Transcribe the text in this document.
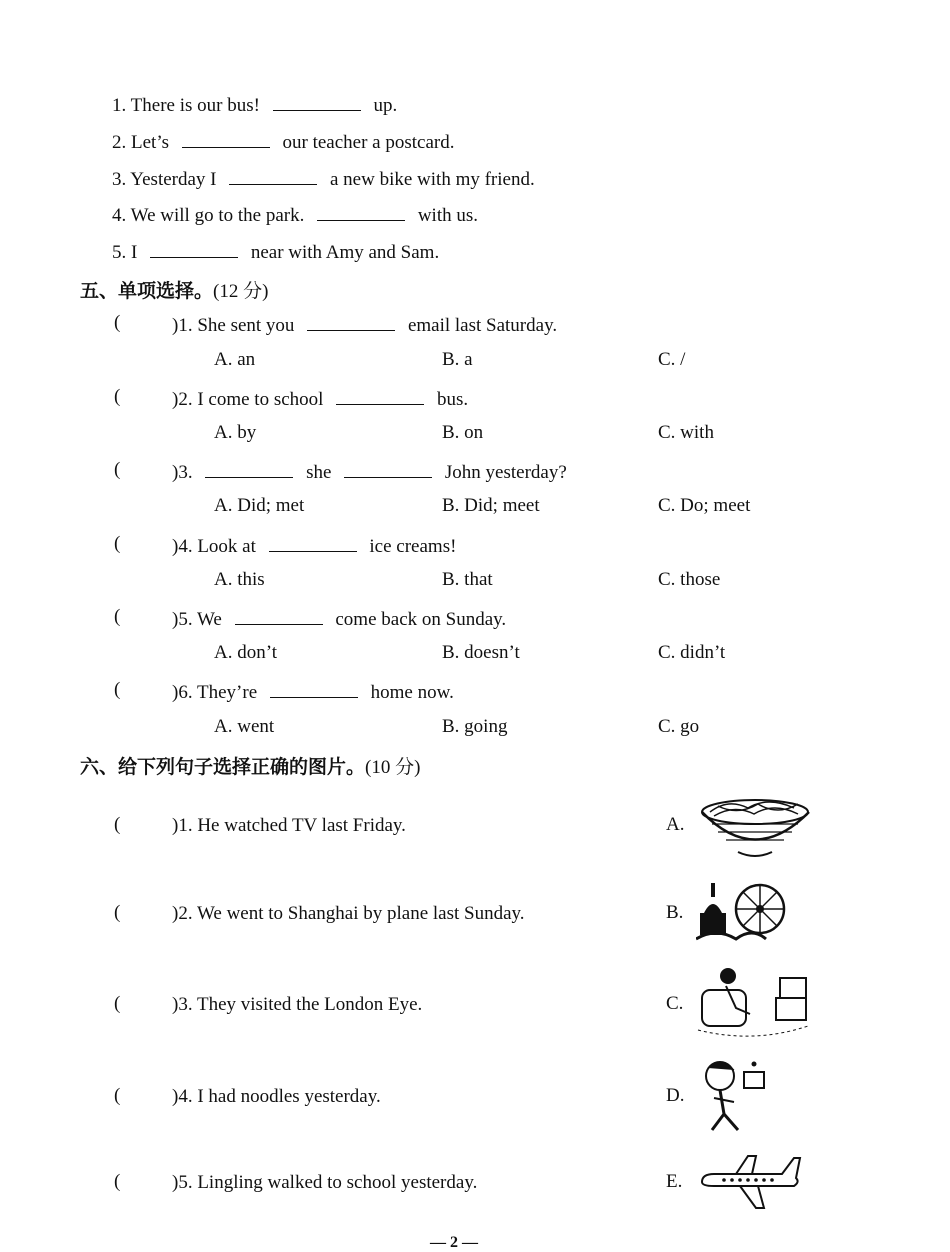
1. There is our bus!	up.
2. Let’s	our teacher a postcard.
3. Yesterday I	a new bike with my friend.
4. We will go to the park.	with us.
5. I	near with Amy and Sam.
五、单项选择。(12 分)
(	)1. She sent you	email last Saturday.
A. an	B. a	C. /
(	)2. I come to school	bus.
A. by	B. on	C. with
(	)3.	she	John yesterday?
A. Did; met	B. Did; meet	C. Do; meet
(	)4. Look at	ice creams!
A. this	B. that	C. those
(	)5. We	come back on Sunday.
A. don’t	B. doesn’t	C. didn’t
(	)6. They’re	home now.
A. went	B. going	C. go
六、给下列句子选择正确的图片。(10 分)
(	)1. He watched TV last Friday.	A.
(	)2. We went to Shanghai by plane last Sunday.	B.
(	)3. They visited the London Eye.	C.
(	)4. I had noodles yesterday.	D.
(	)5. Lingling walked to school yesterday.	E.
— 2 —
